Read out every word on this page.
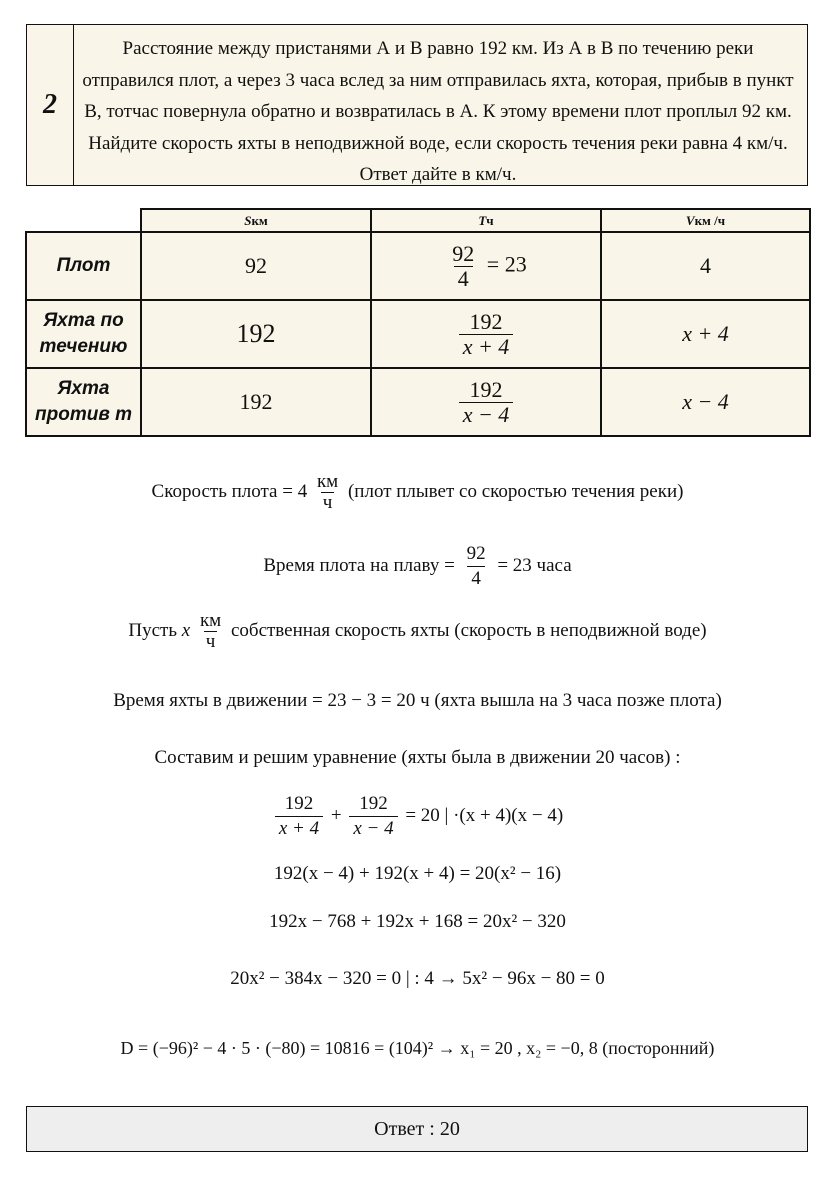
2
Расстояние между пристанями А и В равно 192 км. Из А в В по течению реки отправился плот, а через 3 часа вслед за ним отправилась яхта, которая, прибыв в пункт В, тотчас повернула обратно и возвратилась в А. К этому времени плот проплыл 92 км. Найдите скорость яхты в неподвижной воде, если скорость течения реки равна 4 км/ч. Ответ дайте в км/ч.
	Sкм	Tч	Vкм /ч
Плот	92	$\frac{92}{4} = 23$	4
Яхта по
течению	192	$\frac{192}{x + 4}$	x + 4
Яхта
против т	192	$\frac{192}{x - 4}$	x − 4
Скорость плота = $4 \frac{км}{ч}$ (плот плывет со скоростью течения реки)
Время плота на плаву = $\frac{92}{4} = 23$ часа
Пусть x $\frac{км}{ч}$ собственная скорость яхты (скорость в неподвижной воде)
Время яхты в движении = 23 − 3 = 20 ч (яхта вышла на 3 часа позже плота)
Составим и решим уравнение (яхты была в движении 20 часов) :
$\frac{192}{x + 4} + \frac{192}{x - 4} = 20$ | ·(x + 4)(x − 4)
192(x − 4) + 192(x + 4) = 20(x² − 16)
192x − 768 + 192x + 168 = 20x² − 320
20x² − 384x − 320 = 0 | : 4 → 5x² − 96x − 80 = 0
D = (−96)² − 4 · 5 · (−80) = 10816 = (104)² → x₁ = 20 , x₂ = −0, 8 (посторонний)
Ответ : 20
